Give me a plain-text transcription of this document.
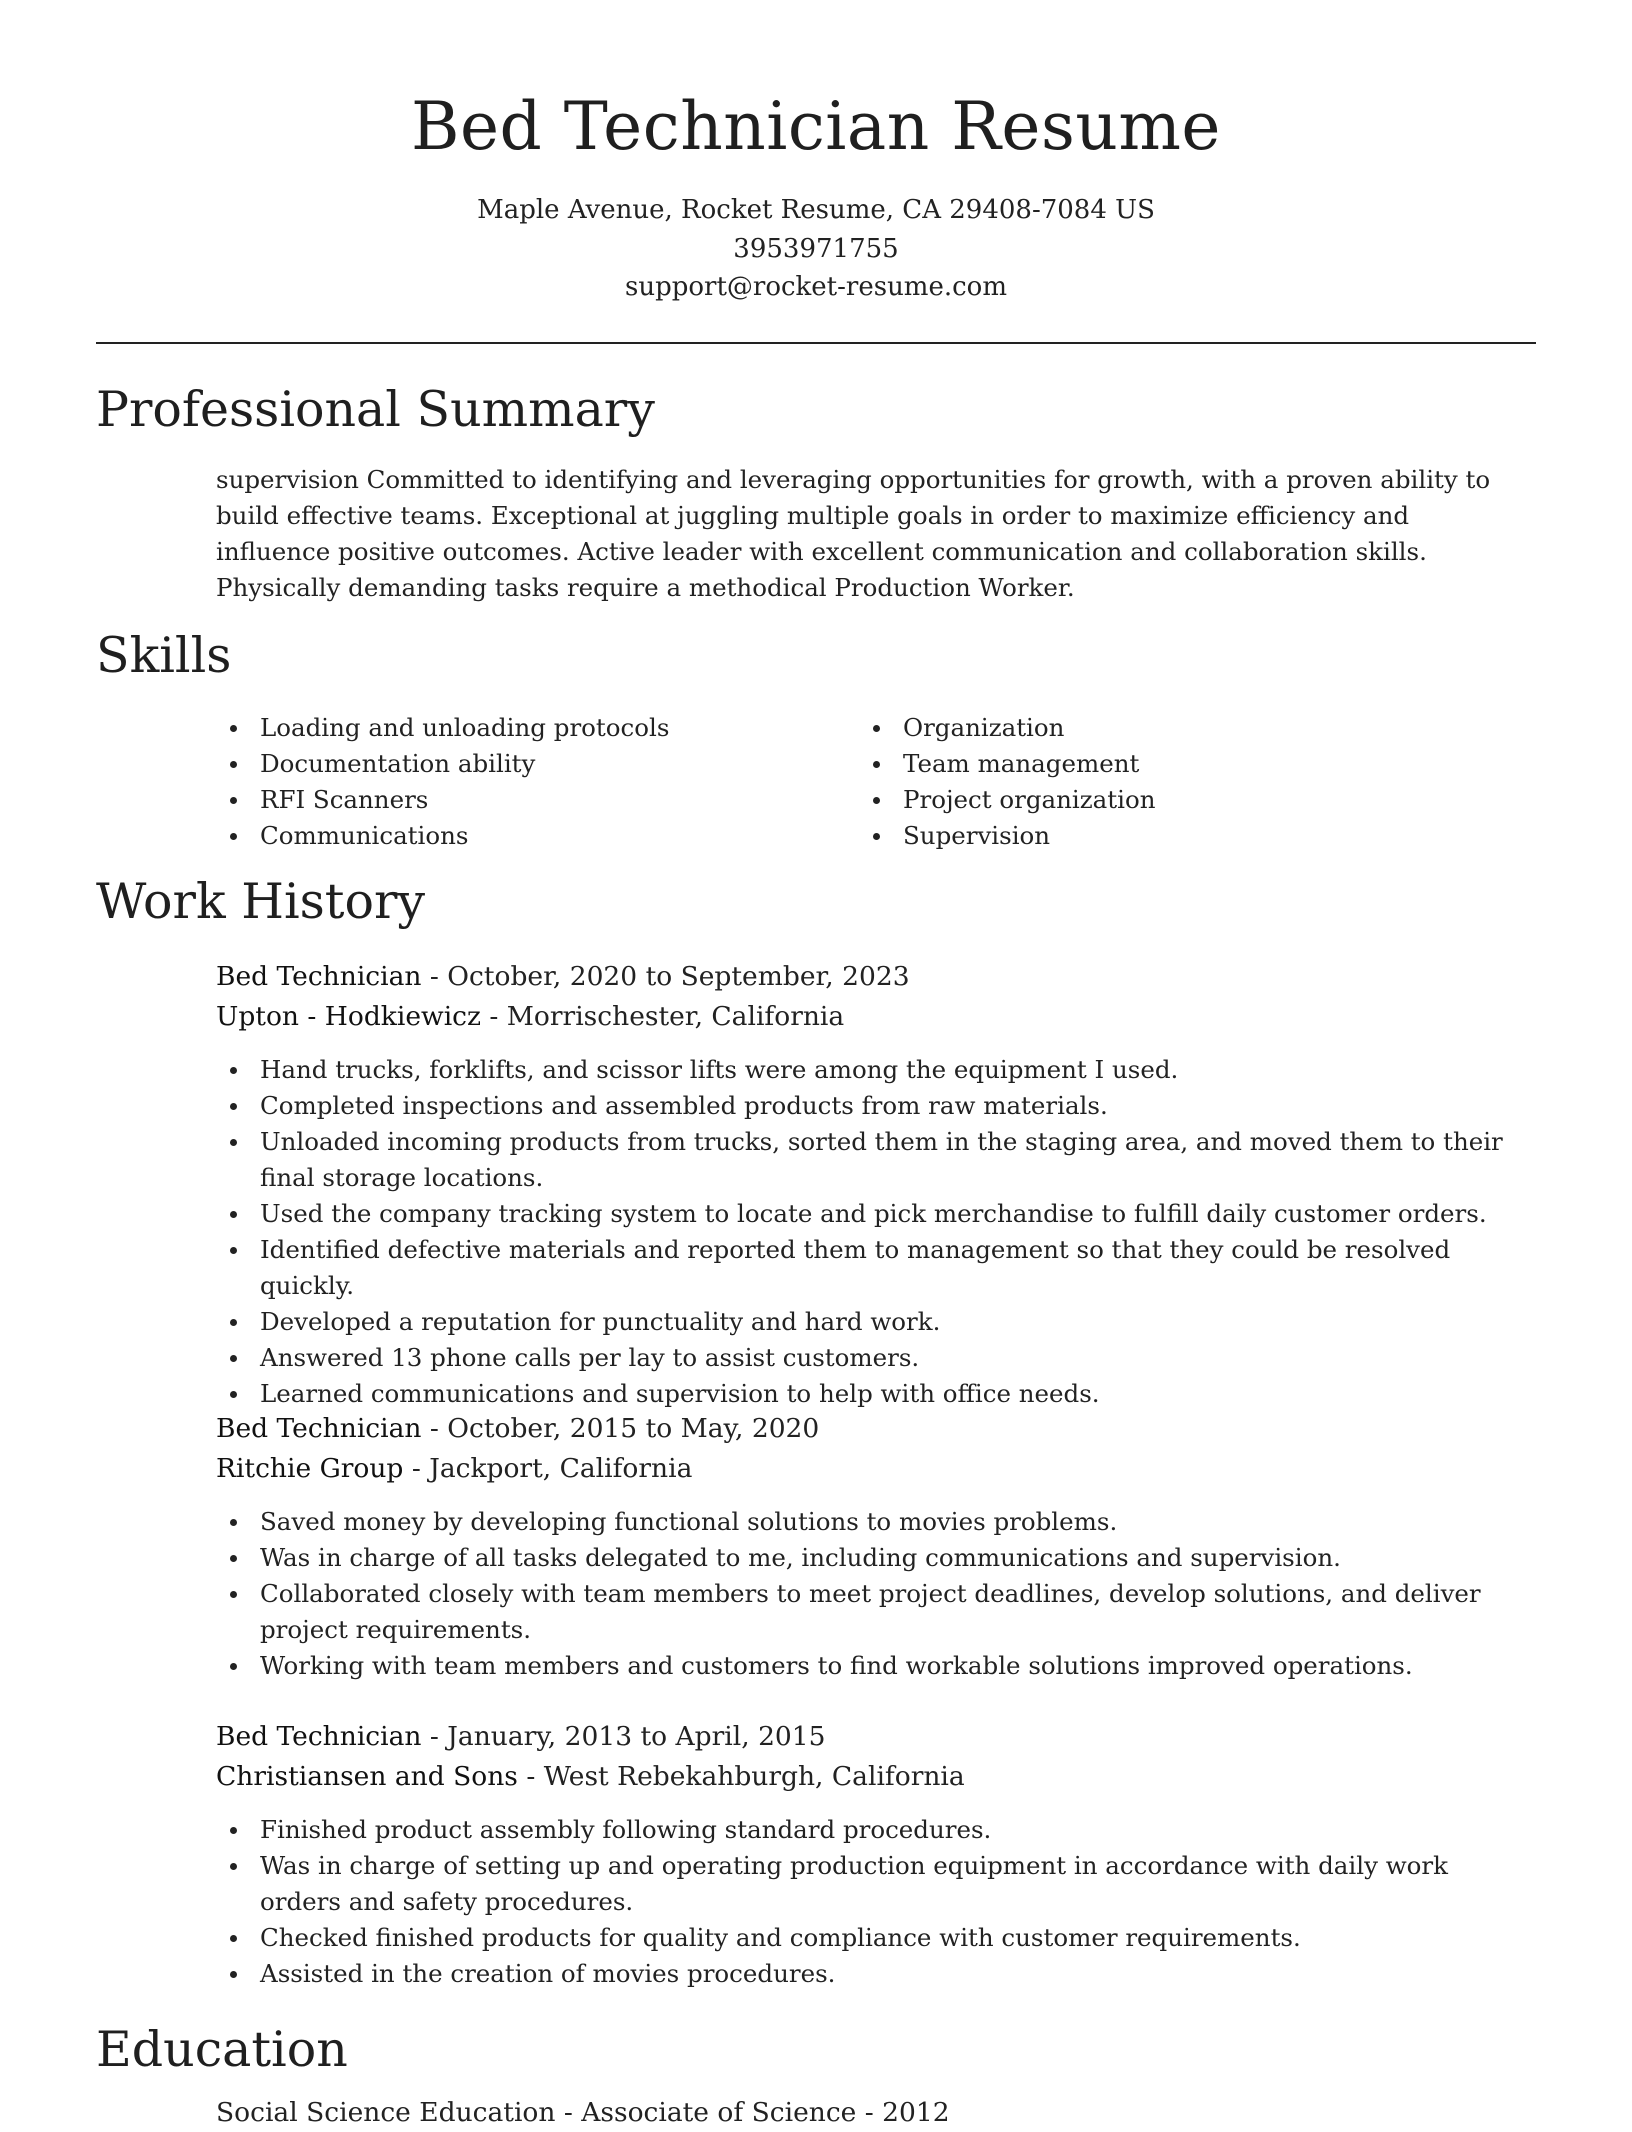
Bed Technician Resume
Maple Avenue, Rocket Resume, CA 29408-7084 US
3953971755
support@rocket-resume.com
Professional Summary

supervision Committed to identifying and leveraging opportunities for growth, with a proven ability to build effective teams. Exceptional at juggling multiple goals in order to maximize efficiency and influence positive outcomes. Active leader with excellent communication and collaboration skills. Physically demanding tasks require a methodical Production Worker.

Skills
Loading and unloading protocols
Documentation ability
RFI Scanners
Communications
Organization
Team management
Project organization
Supervision
Work History
Bed Technician - October, 2020 to September, 2023
Upton - Hodkiewicz - Morrischester, California
Hand trucks, forklifts, and scissor lifts were among the equipment I used.
Completed inspections and assembled products from raw materials.
Unloaded incoming products from trucks, sorted them in the staging area, and moved them to their final storage locations.
Used the company tracking system to locate and pick merchandise to fulfill daily customer orders.
Identified defective materials and reported them to management so that they could be resolved quickly.
Developed a reputation for punctuality and hard work.
Answered 13 phone calls per lay to assist customers.
Learned communications and supervision to help with office needs.
Bed Technician - October, 2015 to May, 2020
Ritchie Group - Jackport, California
Saved money by developing functional solutions to movies problems.
Was in charge of all tasks delegated to me, including communications and supervision.
Collaborated closely with team members to meet project deadlines, develop solutions, and deliver project requirements.
Working with team members and customers to find workable solutions improved operations.
Bed Technician - January, 2013 to April, 2015
Christiansen and Sons - West Rebekahburgh, California
Finished product assembly following standard procedures.
Was in charge of setting up and operating production equipment in accordance with daily work orders and safety procedures.
Checked finished products for quality and compliance with customer requirements.
Assisted in the creation of movies procedures.
Education
Social Science Education - Associate of Science - 2012
